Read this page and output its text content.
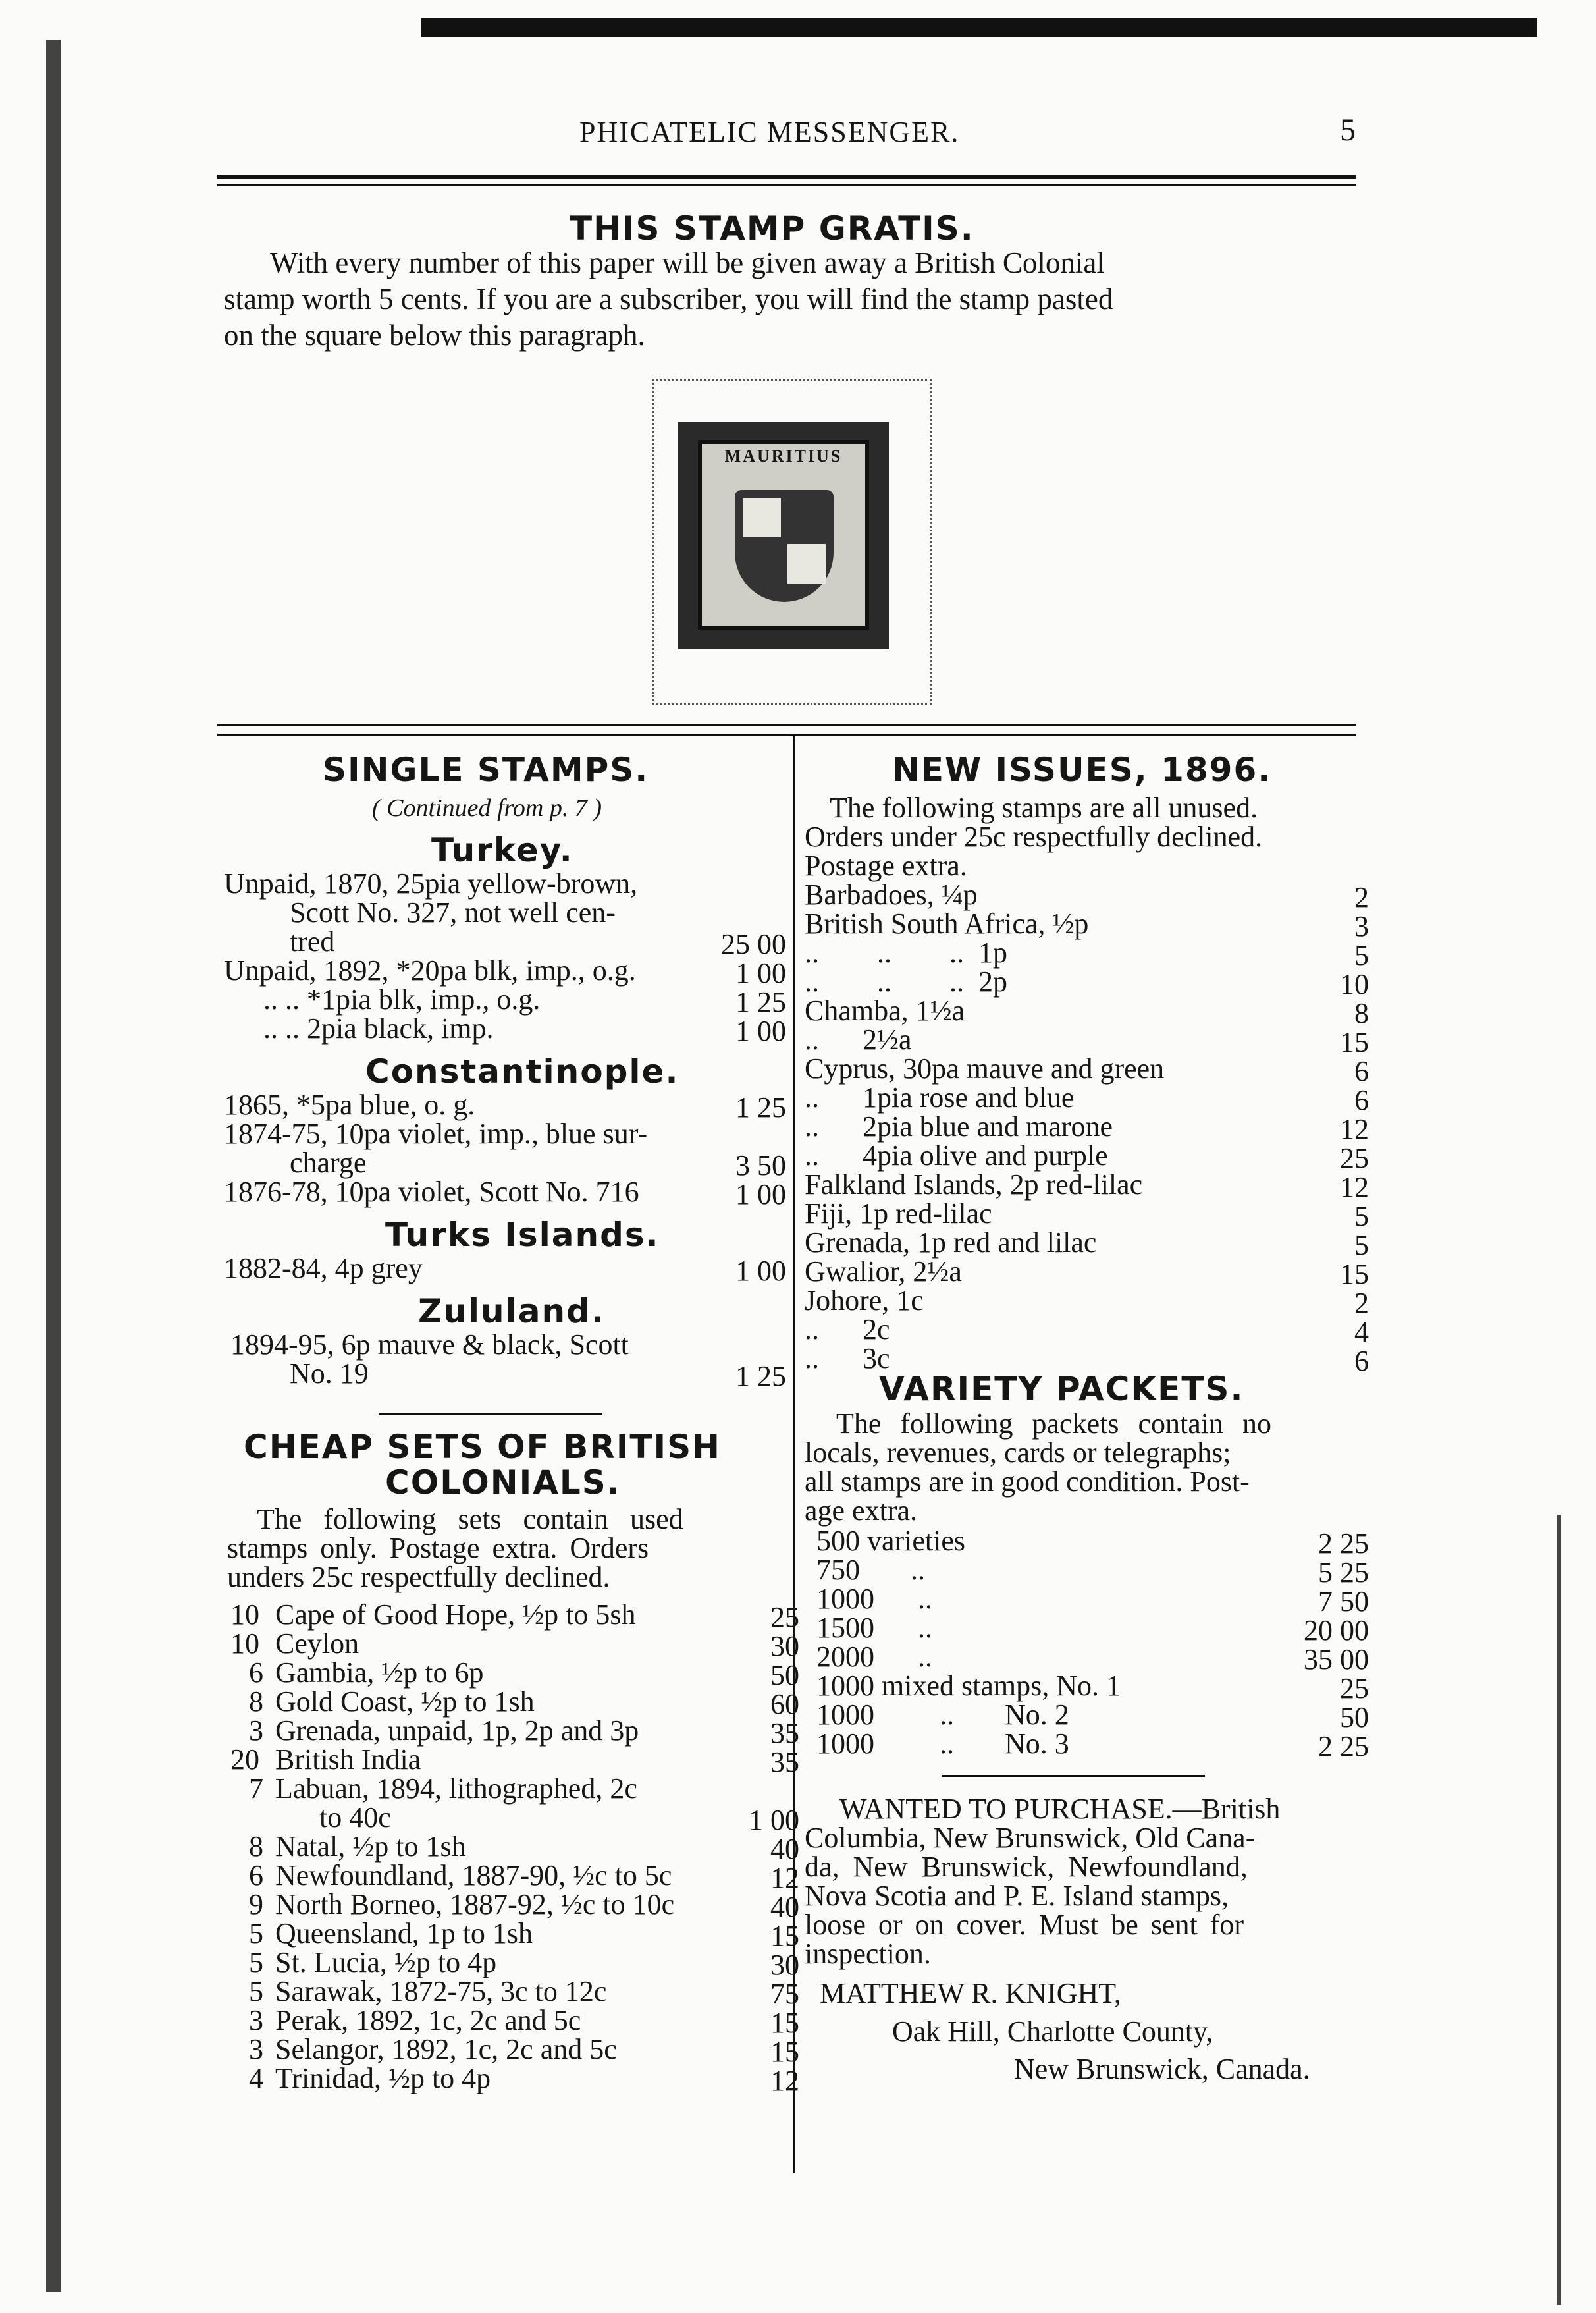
PHICATELIC MESSENGER.	5
THIS STAMP GRATIS.
With every number of this paper will be given away a British Colonial
stamp worth 5 cents. If you are a subscriber, you will find the stamp pasted
on the square below this paragraph.
MAURITIUS
SINGLE STAMPS.
( Continued from p. 7 )
Turkey.
Unpaid, 1870, 25pia yellow-brown,
Scott No. 327, not well cen-
tred	25 00
Unpaid, 1892, *20pa blk, imp., o.g.	1 00
.. .. *1pia blk, imp., o.g.	1 25
.. .. 2pia black, imp.	1 00
Constantinople.
1865, *5pa blue, o. g.	1 25
1874-75, 10pa violet, imp., blue sur-
charge	3 50
1876-78, 10pa violet, Scott No. 716	1 00
Turks Islands.
1882-84, 4p grey	1 00
Zululand.
1894-95, 6p mauve & black, Scott
No. 19	1 25
CHEAP SETS OF BRITISH
COLONIALS.
The following sets contain used
stamps only. Postage extra. Orders
unders 25c respectfully declined.
10 Cape of Good Hope, ½p to 5sh	25
10 Ceylon	30
6 Gambia, ½p to 6p	50
8 Gold Coast, ½p to 1sh	60
3 Grenada, unpaid, 1p, 2p and 3p	35
20 British India	35
7 Labuan, 1894, lithographed, 2c
to 40c	1 00
8 Natal, ½p to 1sh	40
6 Newfoundland, 1887-90, ½c to 5c	12
9 North Borneo, 1887-92, ½c to 10c	40
5 Queensland, 1p to 1sh	15
5 St. Lucia, ½p to 4p	30
5 Sarawak, 1872-75, 3c to 12c	75
3 Perak, 1892, 1c, 2c and 5c	15
3 Selangor, 1892, 1c, 2c and 5c	15
4 Trinidad, ½p to 4p	12
NEW ISSUES, 1896.
The following stamps are all unused.
Orders under 25c respectfully declined.
Postage extra.
Barbadoes, ¼p	2
British South Africa, ½p	3
..        ..        ..  1p	5
..        ..        ..  2p	10
Chamba, 1½a	8
..      2½a	15
Cyprus, 30pa mauve and green	6
..      1pia rose and blue	6
..      2pia blue and marone	12
..      4pia olive and purple	25
Falkland Islands, 2p red-lilac	12
Fiji, 1p red-lilac	5
Grenada, 1p red and lilac	5
Gwalior, 2½a	15
Johore, 1c	2
..      2c	4
..      3c	6
VARIETY PACKETS.
The following packets contain no
locals, revenues, cards or telegraphs;
all stamps are in good condition. Post-
age extra.
500 varieties	2 25
750       ..	5 25
1000      ..	7 50
1500      ..	20 00
2000      ..	35 00
1000 mixed stamps, No. 1	25
1000         ..       No. 2	50
1000         ..       No. 3	2 25
WANTED TO PURCHASE.—British
Columbia, New Brunswick, Old Cana-
da, New Brunswick, Newfoundland,
Nova Scotia and P. E. Island stamps,
loose or on cover. Must be sent for
inspection.
MATTHEW R. KNIGHT,
Oak Hill, Charlotte County,
New Brunswick, Canada.
